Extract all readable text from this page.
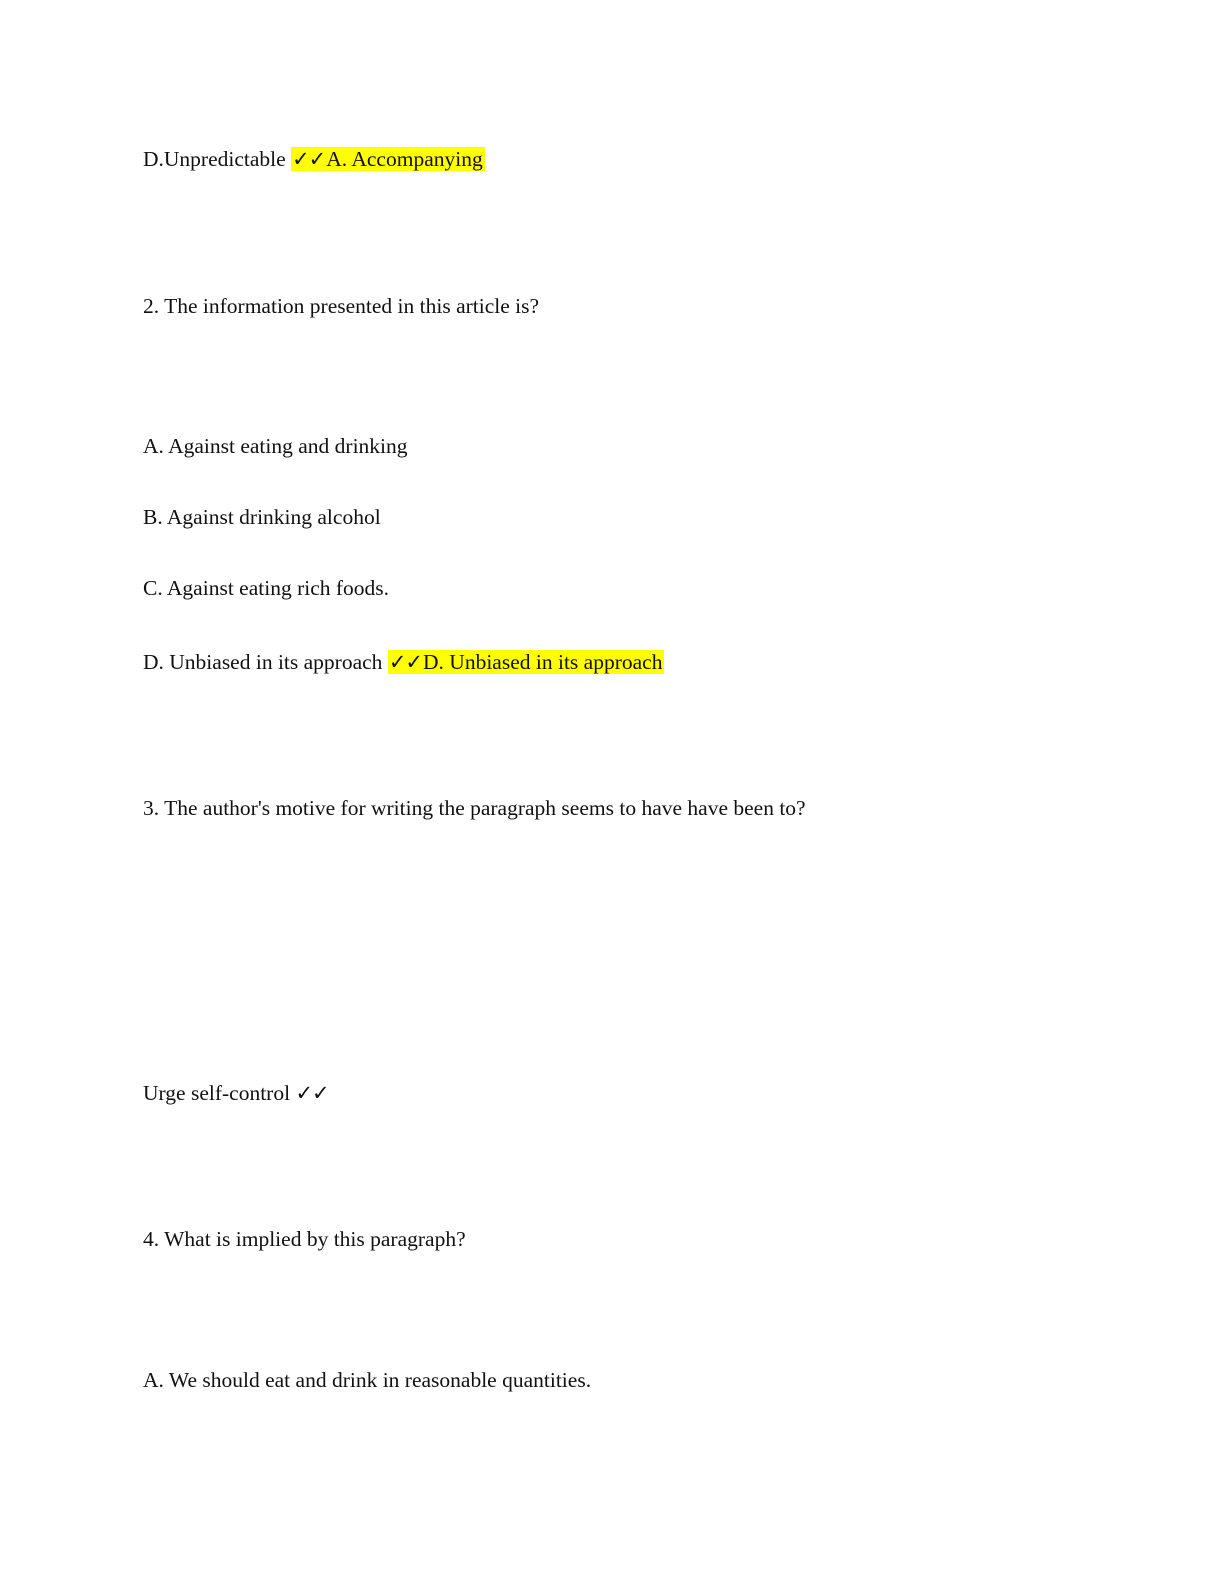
D.Unpredictable ✓✓A. Accompanying
2. The information presented in this article is?
A. Against eating and drinking
B. Against drinking alcohol
C. Against eating rich foods.
D. Unbiased in its approach ✓✓D. Unbiased in its approach
3. The author's motive for writing the paragraph seems to have have been to?
Urge self-control ✓✓
4. What is implied by this paragraph?
A. We should eat and drink in reasonable quantities.
